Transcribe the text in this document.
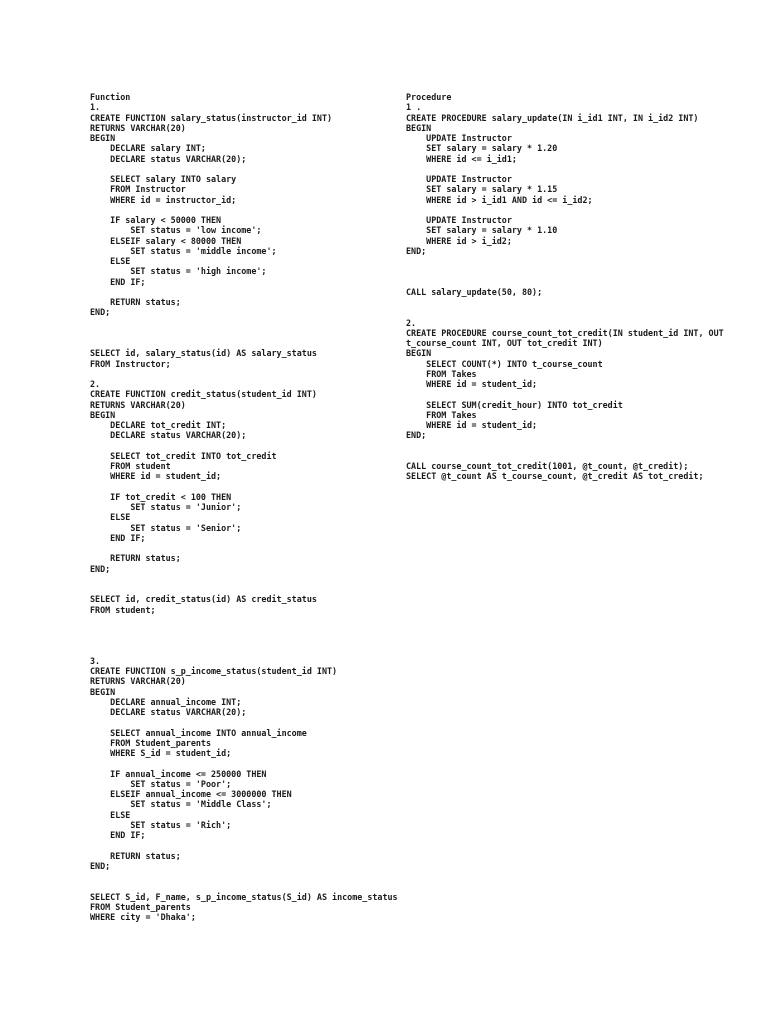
Function
1.
CREATE FUNCTION salary_status(instructor_id INT)
RETURNS VARCHAR(20)
BEGIN
DECLARE salary INT;
DECLARE status VARCHAR(20);
SELECT salary INTO salary
FROM Instructor
WHERE id = instructor_id;
IF salary < 50000 THEN
SET status = 'low income';
ELSEIF salary < 80000 THEN
SET status = 'middle income';
ELSE
SET status = 'high income';
END IF;
RETURN status;
END;
SELECT id, salary_status(id) AS salary_status
FROM Instructor;
2.
CREATE FUNCTION credit_status(student_id INT)
RETURNS VARCHAR(20)
BEGIN
DECLARE tot_credit INT;
DECLARE status VARCHAR(20);
SELECT tot_credit INTO tot_credit
FROM student
WHERE id = student_id;
IF tot_credit < 100 THEN
SET status = 'Junior';
ELSE
SET status = 'Senior';
END IF;
RETURN status;
END;
SELECT id, credit_status(id) AS credit_status
FROM student;
3.
CREATE FUNCTION s_p_income_status(student_id INT)
RETURNS VARCHAR(20)
BEGIN
DECLARE annual_income INT;
DECLARE status VARCHAR(20);
SELECT annual_income INTO annual_income
FROM Student_parents
WHERE S_id = student_id;
IF annual_income <= 250000 THEN
SET status = 'Poor';
ELSEIF annual_income <= 3000000 THEN
SET status = 'Middle Class';
ELSE
SET status = 'Rich';
END IF;
RETURN status;
END;
SELECT S_id, F_name, s_p_income_status(S_id) AS income_status
FROM Student_parents
WHERE city = 'Dhaka';
Procedure
1 .
CREATE PROCEDURE salary_update(IN i_id1 INT, IN i_id2 INT)
BEGIN
UPDATE Instructor
SET salary = salary * 1.20
WHERE id <= i_id1;
UPDATE Instructor
SET salary = salary * 1.15
WHERE id > i_id1 AND id <= i_id2;
UPDATE Instructor
SET salary = salary * 1.10
WHERE id > i_id2;
END;
CALL salary_update(50, 80);
2.
CREATE PROCEDURE course_count_tot_credit(IN student_id INT, OUT
t_course_count INT, OUT tot_credit INT)
BEGIN
SELECT COUNT(*) INTO t_course_count
FROM Takes
WHERE id = student_id;
SELECT SUM(credit_hour) INTO tot_credit
FROM Takes
WHERE id = student_id;
END;
CALL course_count_tot_credit(1001, @t_count, @t_credit);
SELECT @t_count AS t_course_count, @t_credit AS tot_credit;
